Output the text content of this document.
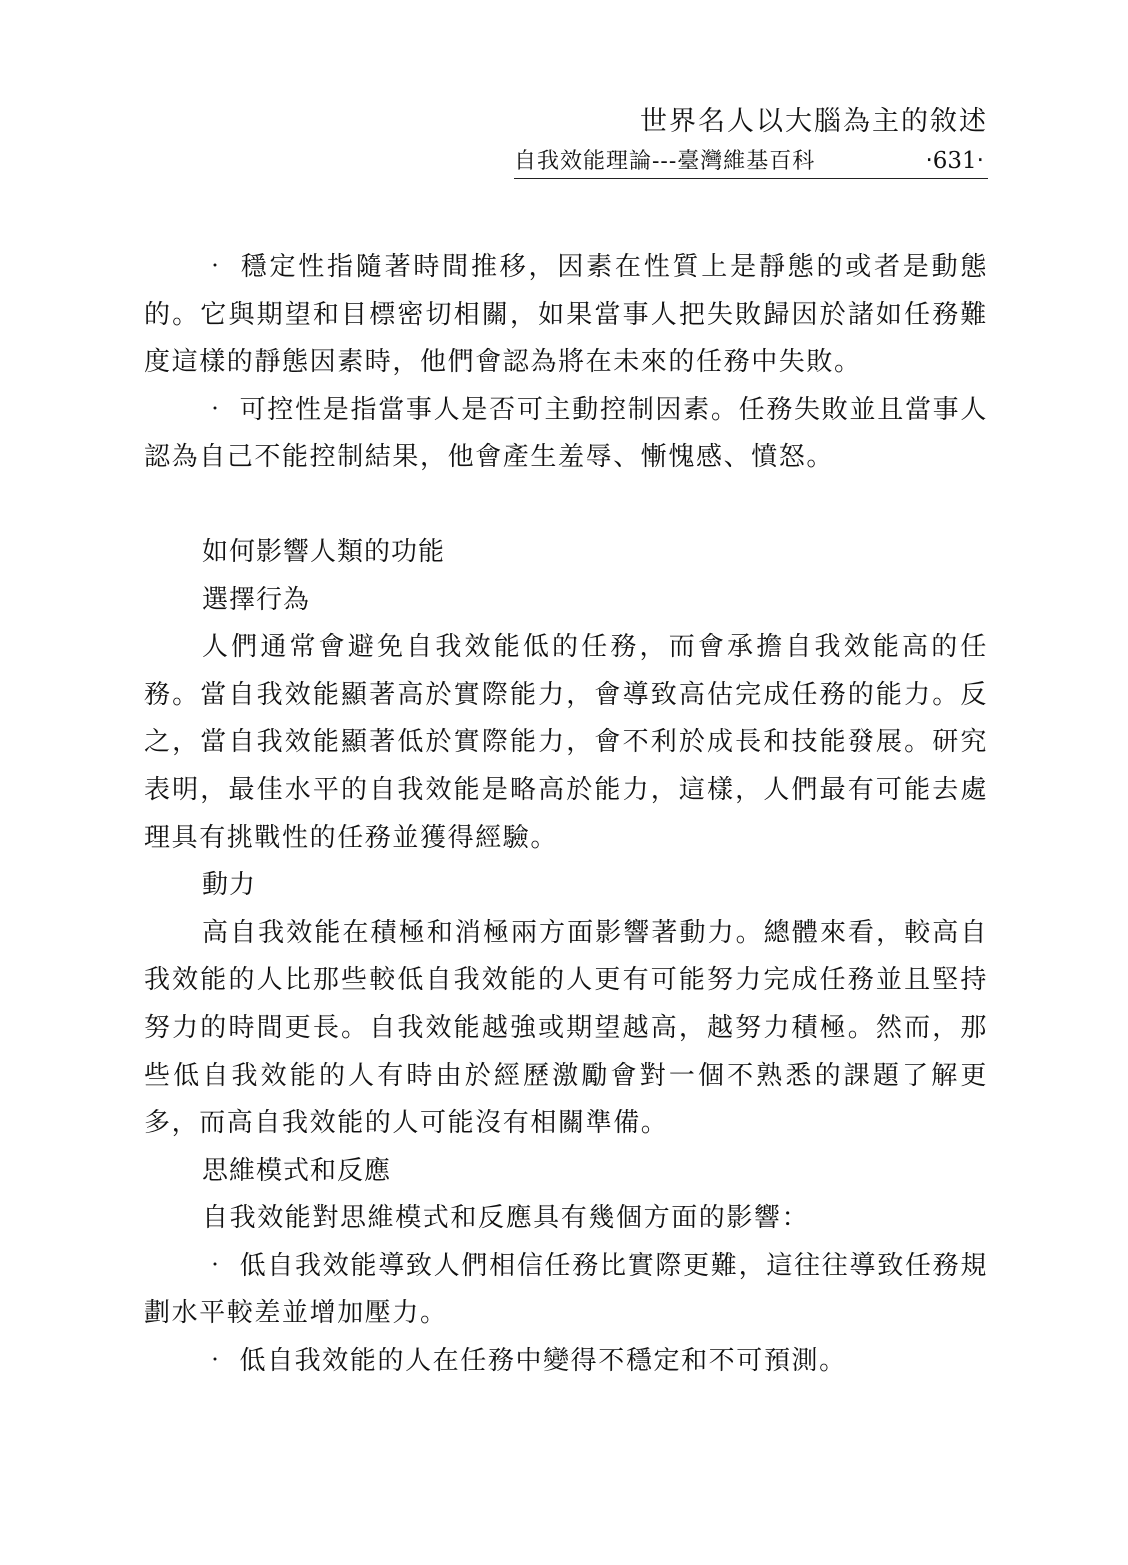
世界名人以大腦為主的敘述
自我效能理論---臺灣維基百科	‧631‧

‧ 穩定性指隨著時間推移，因素在性質上是靜態的或者是動態的。它與期望和目標密切相關，如果當事人把失敗歸因於諸如任務難度這樣的靜態因素時，他們會認為將在未來的任務中失敗。

‧ 可控性是指當事人是否可主動控制因素。任務失敗並且當事人認為自己不能控制結果，他會產生羞辱、慚愧感、憤怒。

如何影響人類的功能

選擇行為

人們通常會避免自我效能低的任務，而會承擔自我效能高的任務。當自我效能顯著高於實際能力，會導致高估完成任務的能力。反之，當自我效能顯著低於實際能力，會不利於成長和技能發展。研究表明，最佳水平的自我效能是略高於能力，這樣，人們最有可能去處理具有挑戰性的任務並獲得經驗。

動力

高自我效能在積極和消極兩方面影響著動力。總體來看，較高自我效能的人比那些較低自我效能的人更有可能努力完成任務並且堅持努力的時間更長。自我效能越強或期望越高，越努力積極。然而，那些低自我效能的人有時由於經歷激勵會對一個不熟悉的課題了解更多，而高自我效能的人可能沒有相關準備。

思維模式和反應

自我效能對思維模式和反應具有幾個方面的影響：

‧ 低自我效能導致人們相信任務比實際更難，這往往導致任務規劃水平較差並增加壓力。

‧ 低自我效能的人在任務中變得不穩定和不可預測。
